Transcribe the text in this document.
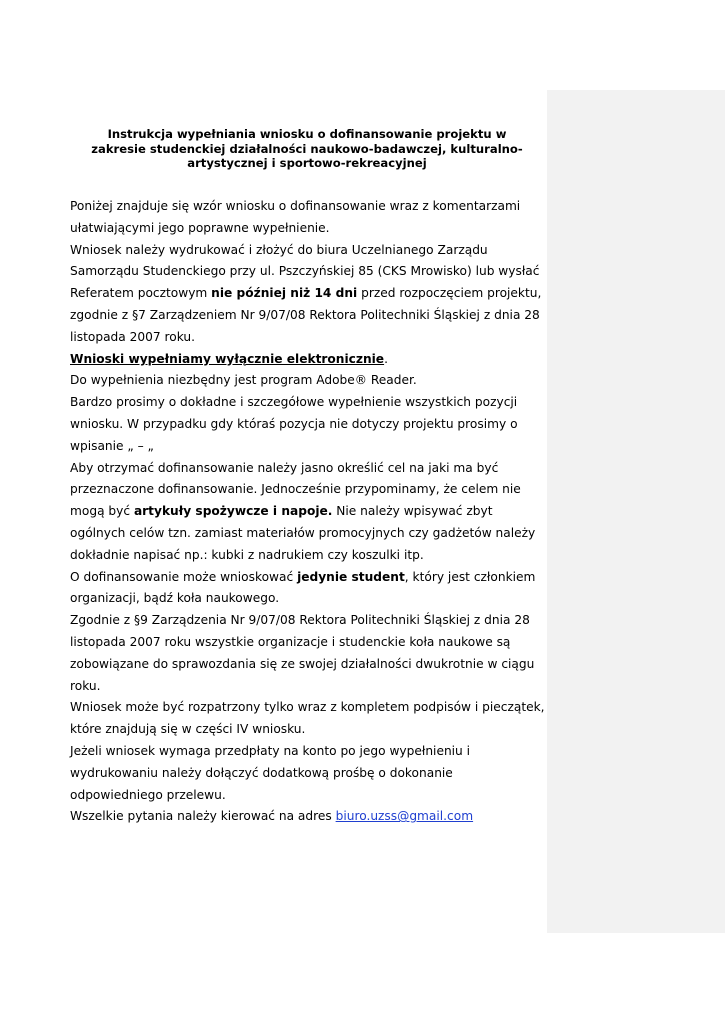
Instrukcja wypełniania wniosku o dofinansowanie projektu w zakresie studenckiej działalności naukowo-badawczej, kulturalno-artystycznej i sportowo-rekreacyjnej

Poniżej znajduje się wzór wniosku o dofinansowanie wraz z komentarzami ułatwiającymi jego poprawne wypełnienie.

Wniosek należy wydrukować i złożyć do biura Uczelnianego Zarządu Samorządu Studenckiego przy ul. Pszczyńskiej 85 (CKS Mrowisko) lub wysłać Referatem pocztowym nie później niż 14 dni przed rozpoczęciem projektu, zgodnie z §7 Zarządzeniem Nr 9/07/08 Rektora Politechniki Śląskiej z dnia 28 listopada 2007 roku.

Wnioski wypełniamy wyłącznie elektronicznie.

Do wypełnienia niezbędny jest program Adobe® Reader.

Bardzo prosimy o dokładne i szczegółowe wypełnienie wszystkich pozycji wniosku. W przypadku gdy któraś pozycja nie dotyczy projektu prosimy o wpisanie „ – „

Aby otrzymać dofinansowanie należy jasno określić cel na jaki ma być przeznaczone dofinansowanie. Jednocześnie przypominamy, że celem nie mogą być artykuły spożywcze i napoje. Nie należy wpisywać zbyt ogólnych celów tzn. zamiast materiałów promocyjnych czy gadżetów należy dokładnie napisać np.: kubki z nadrukiem czy koszulki itp.

O dofinansowanie może wnioskować jedynie student, który jest członkiem organizacji, bądź koła naukowego.

Zgodnie z §9 Zarządzenia Nr 9/07/08 Rektora Politechniki Śląskiej z dnia 28 listopada 2007 roku wszystkie organizacje i studenckie koła naukowe są zobowiązane do sprawozdania się ze swojej działalności dwukrotnie w ciągu roku.

Wniosek może być rozpatrzony tylko wraz z kompletem podpisów i pieczątek, które znajdują się w części IV wniosku.

Jeżeli wniosek wymaga przedpłaty na konto po jego wypełnieniu i wydrukowaniu należy dołączyć dodatkową prośbę o dokonanie odpowiedniego przelewu.

Wszelkie pytania należy kierować na adres biuro.uzss@gmail.com
